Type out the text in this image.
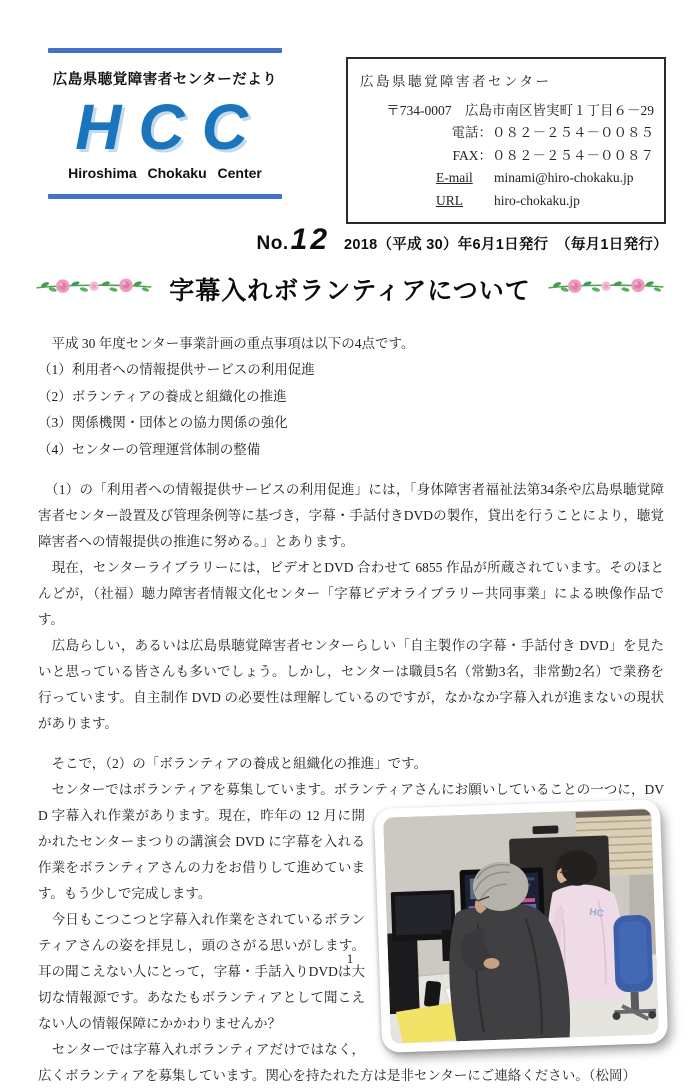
広島県聴覚障害者センターだより
HCC
Hiroshima Chokaku Center
広島県聴覚障害者センター
〒734-0007　広島市南区皆実町１丁目６－29
電話：０８２－２５４－００８５
FAX：０８２－２５４－００８７
E-mail	minami@hiro-chokaku.jp
URL	hiro-chokaku.jp
No. 12 2018（平成 30）年6月1日発行　（毎月1日発行）
字幕入れボランティアについて

　平成 30 年度センター事業計画の重点事項は以下の4点です。

（1）利用者への情報提供サービスの利用促進
（2）ボランティアの養成と組織化の推進
（3）関係機関・団体との協力関係の強化
（4）センターの管理運営体制の整備

　（1）の「利用者への情報提供サービスの利用促進」には，「身体障害者福祉法第34条や広島県聴覚障害者センター設置及び管理条例等に基づき，字幕・手話付きDVDの製作，貸出を行うことにより，聴覚障害者への情報提供の推進に努める。」とあります。

　現在，センターライブラリーには，ビデオとDVD 合わせて 6855 作品が所蔵されています。そのほとんどが，（社福）聴力障害者情報文化センター「字幕ビデオライブラリー共同事業」による映像作品です。

　広島らしい，あるいは広島県聴覚障害者センターらしい「自主製作の字幕・手話付き DVD」を見たいと思っている皆さんも多いでしょう。しかし，センターは職員5名（常勤3名，非常勤2名）で業務を行っています。自主制作 DVD の必要性は理解しているのですが，なかなか字幕入れが進まないの現状があります。

　そこで，（2）の「ボランティアの養成と組織化の推進」です。

　センターではボランティアを募集しています。ボランティアさんにお願いしていることの一つに，DVD 字
HC
幕入れ作業があります。現在，昨年の 12 月に開かれたセンターまつりの講演会 DVD に字幕を入れる作業をボランティアさんの力をお借りして進めています。もう少しで完成します。

　今日もこつこつと字幕入れ作業をされているボランティアさんの姿を拝見し，頭のさがる思いがします。耳の聞こえない人にとって，字幕・手話入りDVDは大切な情報源です。あなたもボランティアとして聞こえない人の情報保障にかかわりませんか？

　センターでは字幕入れボランティアだけではなく，広くボランティアを募集しています。関心を持たれた方は是非センターにご連絡ください。（松岡）

1
